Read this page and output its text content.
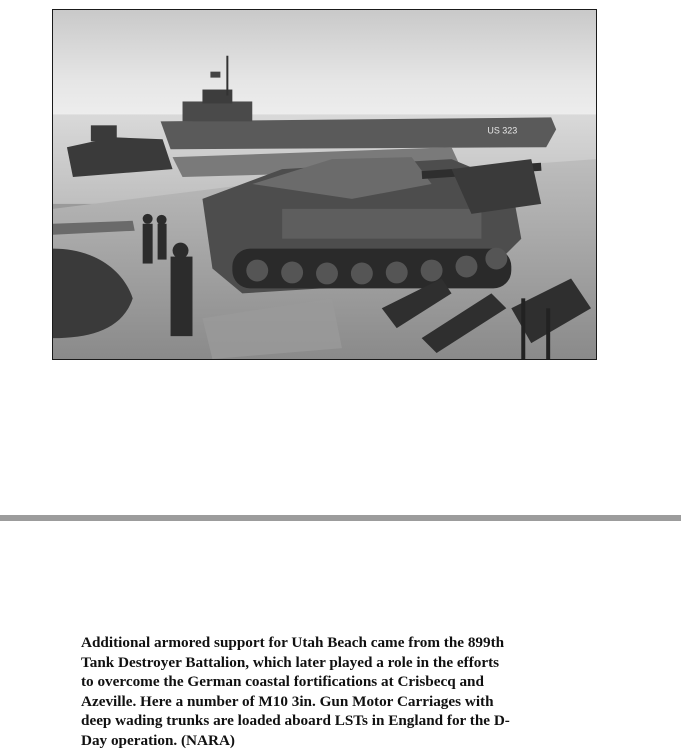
US 323

Additional armored support for Utah Beach came from the 899th
Tank Destroyer Battalion, which later played a role in the efforts
to overcome the German coastal fortifications at Crisbecq and
Azeville. Here a number of M10 3in. Gun Motor Carriages with
deep wading trunks are loaded aboard LSTs in England for the D-
Day operation. (NARA)
